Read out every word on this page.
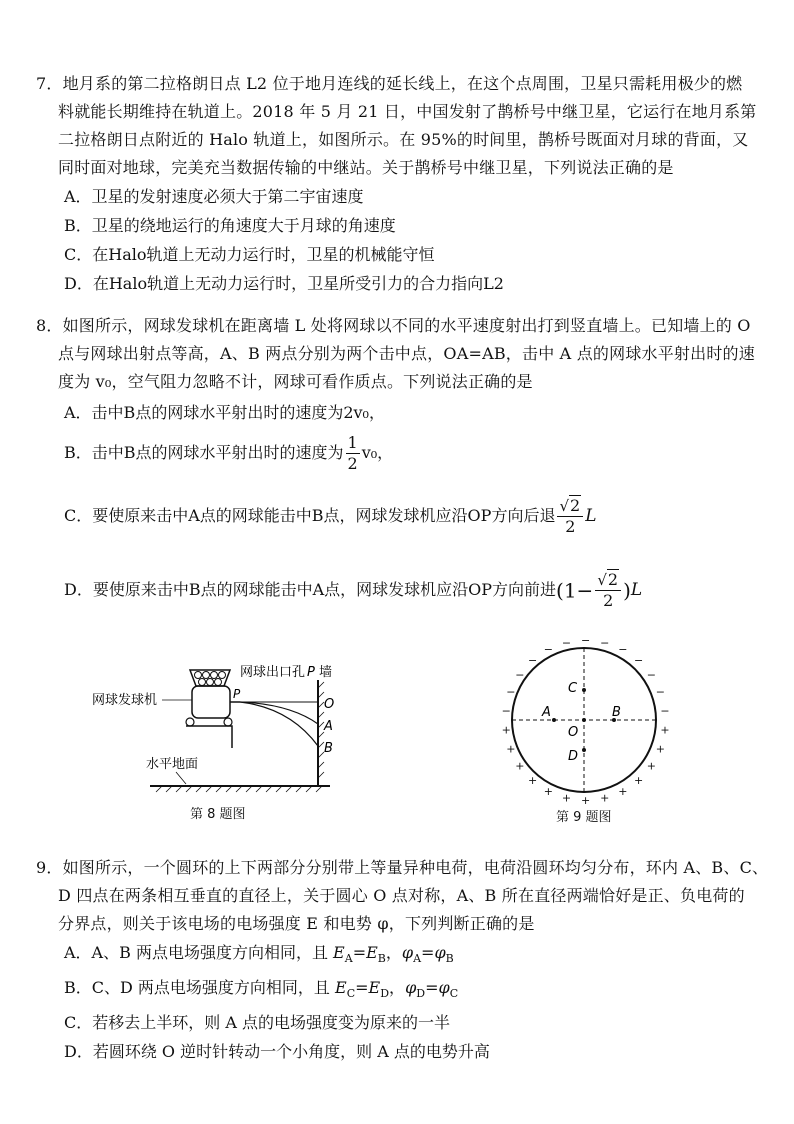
7．地月系的第二拉格朗日点 L2 位于地月连线的延长线上，在这个点周围，卫星只需耗用极少的燃
料就能长期维持在轨道上。2018 年 5 月 21 日，中国发射了鹊桥号中继卫星，它运行在地月系第
二拉格朗日点附近的 Halo 轨道上，如图所示。在 95%的时间里，鹊桥号既面对月球的背面，又
同时面对地球，完美充当数据传输的中继站。关于鹊桥号中继卫星，下列说法正确的是
A．卫星的发射速度必须大于第二宇宙速度
B．卫星的绕地运行的角速度大于月球的角速度
C．在Halo轨道上无动力运行时，卫星的机械能守恒
D．在Halo轨道上无动力运行时，卫星所受引力的合力指向L2
8．如图所示，网球发球机在距离墙 L 处将网球以不同的水平速度射出打到竖直墙上。已知墙上的 O
点与网球出射点等高，A、B 两点分别为两个击中点，OA=AB，击中 A 点的网球水平射出时的速
度为 v₀，空气阻力忽略不计，网球可看作质点。下列说法正确的是
A．击中B点的网球水平射出时的速度为2v₀，
B．击中B点的网球水平射出时的速度为 $\frac{1}{2} v_0$，
C．要使原来击中A点的网球能击中B点，网球发球机应沿OP方向后退 $\frac{√2}{2}$ L
D．要使原来击中B点的网球能击中A点，网球发球机应沿OP方向前进$(1- \frac{√2}{2} )L$
网球发球机
网球出口孔 P 墙
P
O
A
B
水平地面
第 8 题图
C
A	B
O
D
−
−
−
−
−
−
−
−
−
−
−
−
−
+
+
+
+
+
+ + +
+
+
+
+
+
第 9 题图
9．如图所示，一个圆环的上下两部分分别带上等量异种电荷，电荷沿圆环均匀分布，环内 A、B、C、
D 四点在两条相互垂直的直径上，关于圆心 O 点对称，A、B 所在直径两端恰好是正、负电荷的
分界点，则关于该电场的电场强度 E 和电势 φ，下列判断正确的是
A．A、B 两点电场强度方向相同，且 $E_A=E_B$，$\varphi_A=\varphi_B$
B．C、D 两点电场强度方向相同，且 $E_C=E_D$，$\varphi_D=\varphi_C$
C．若移去上半环，则 A 点的电场强度变为原来的一半
D．若圆环绕 O 逆时针转动一个小角度，则 A 点的电势升高
